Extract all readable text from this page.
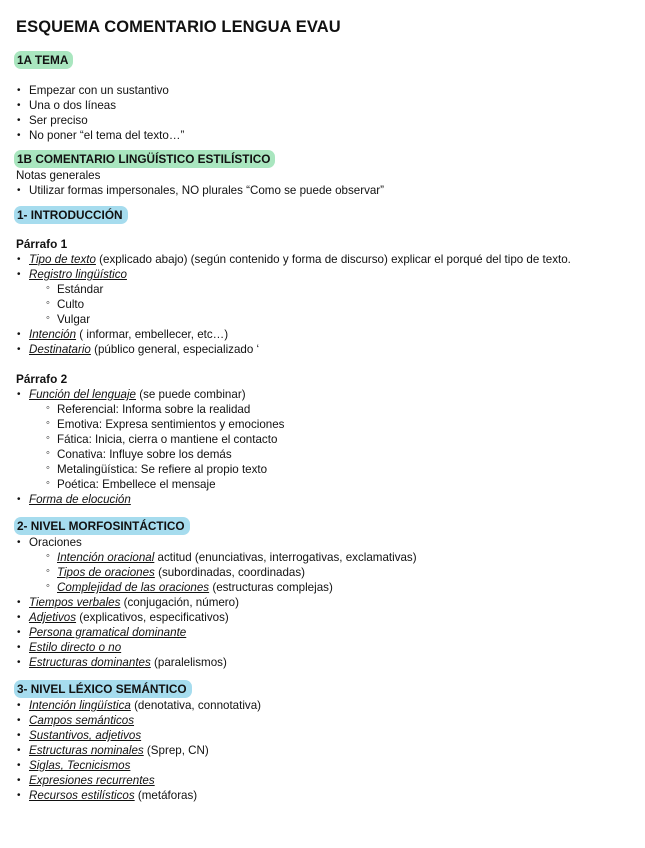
ESQUEMA COMENTARIO LENGUA EVAU
1A TEMA
• Empezar con un sustantivo
• Una o dos líneas
• Ser preciso
• No poner “el tema del texto…”
1B COMENTARIO LINGÜÍSTICO ESTILÍSTICO
Notas generales
• Utilizar formas impersonales, NO plurales “Como se puede observar”
1- INTRODUCCIÓN
Párrafo 1
• Tipo de texto (explicado abajo) (según contenido y forma de discurso) explicar el porqué del tipo de texto.
• Registro lingüístico
◦ Estándar
◦ Culto
◦ Vulgar
• Intención ( informar, embellecer, etc…)
• Destinatario (público general, especializado ‘
Párrafo 2
• Función del lenguaje (se puede combinar)
◦ Referencial: Informa sobre la realidad
◦ Emotiva: Expresa sentimientos y emociones
◦ Fática: Inicia, cierra o mantiene el contacto
◦ Conativa: Influye sobre los demás
◦ Metalingüística: Se refiere al propio texto
◦ Poética: Embellece el mensaje
• Forma de elocución
2- NIVEL MORFOSINTÁCTICO
• Oraciones
◦ Intención oracional actitud (enunciativas, interrogativas, exclamativas)
◦ Tipos de oraciones (subordinadas, coordinadas)
◦ Complejidad de las oraciones (estructuras complejas)
• Tiempos verbales (conjugación, número)
• Adjetivos (explicativos, especificativos)
• Persona gramatical dominante
• Estilo directo o no
• Estructuras dominantes (paralelismos)
3- NIVEL LÉXICO SEMÁNTICO
• Intención lingüística (denotativa, connotativa)
• Campos semánticos
• Sustantivos, adjetivos
• Estructuras nominales (Sprep, CN)
• Siglas, Tecnicismos
• Expresiones recurrentes
• Recursos estilísticos (metáforas)
